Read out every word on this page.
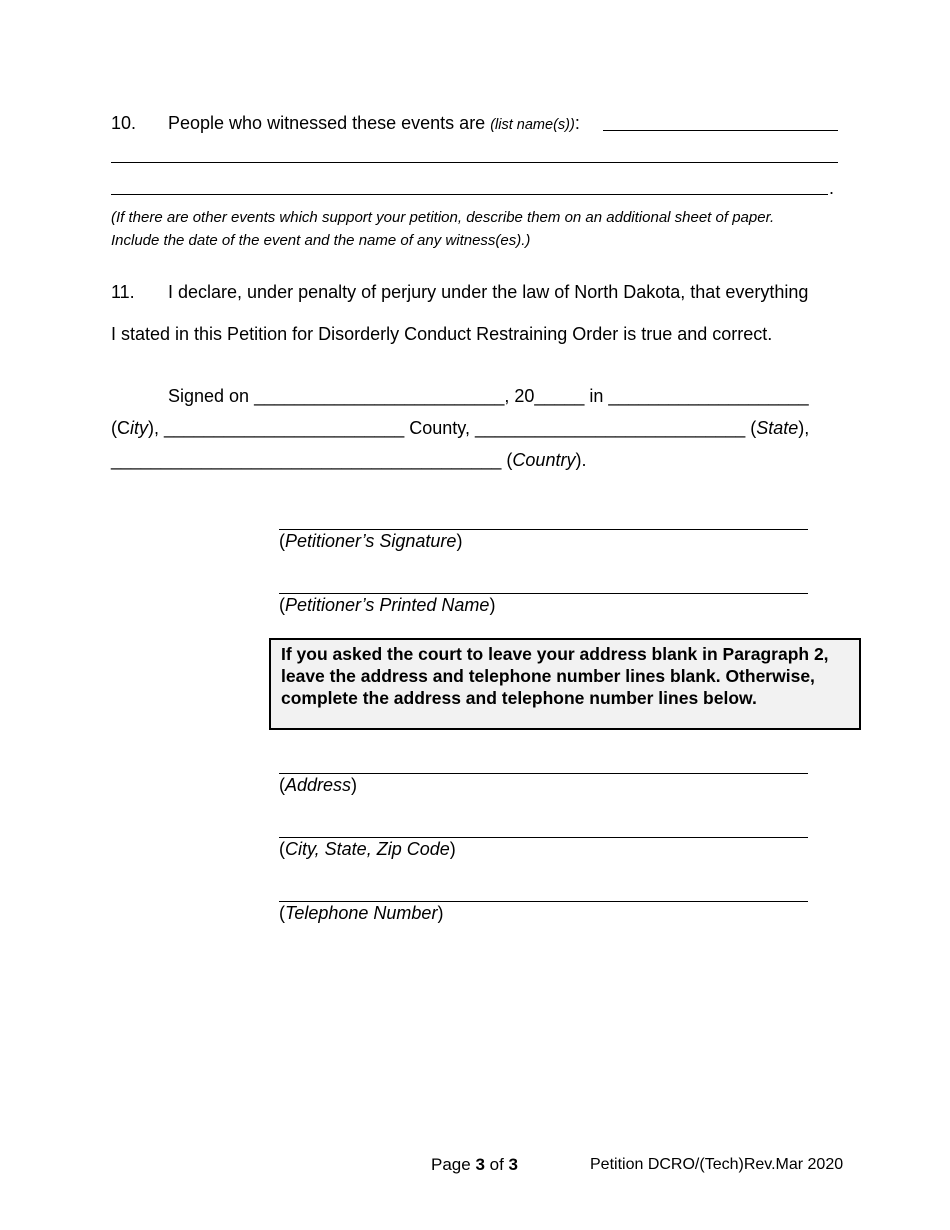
10. People who witnessed these events are (list name(s)):
.
(If there are other events which support your petition, describe them on an additional sheet of paper.
Include the date of the event and the name of any witness(es).)
11. I declare, under penalty of perjury under the law of North Dakota, that everything
I stated in this Petition for Disorderly Conduct Restraining Order is true and correct.
Signed on _________________________, 20_____ in ____________________
(City), ________________________ County, ___________________________ (State),
_______________________________________ (Country).
(Petitioner’s Signature)
(Petitioner’s Printed Name)
If you asked the court to leave your address blank in Paragraph 2, leave the address and telephone number lines blank. Otherwise, complete the address and telephone number lines below.
(Address)
(City, State, Zip Code)
(Telephone Number)
Page 3 of 3	Petition DCRO/(Tech)Rev.Mar 2020
